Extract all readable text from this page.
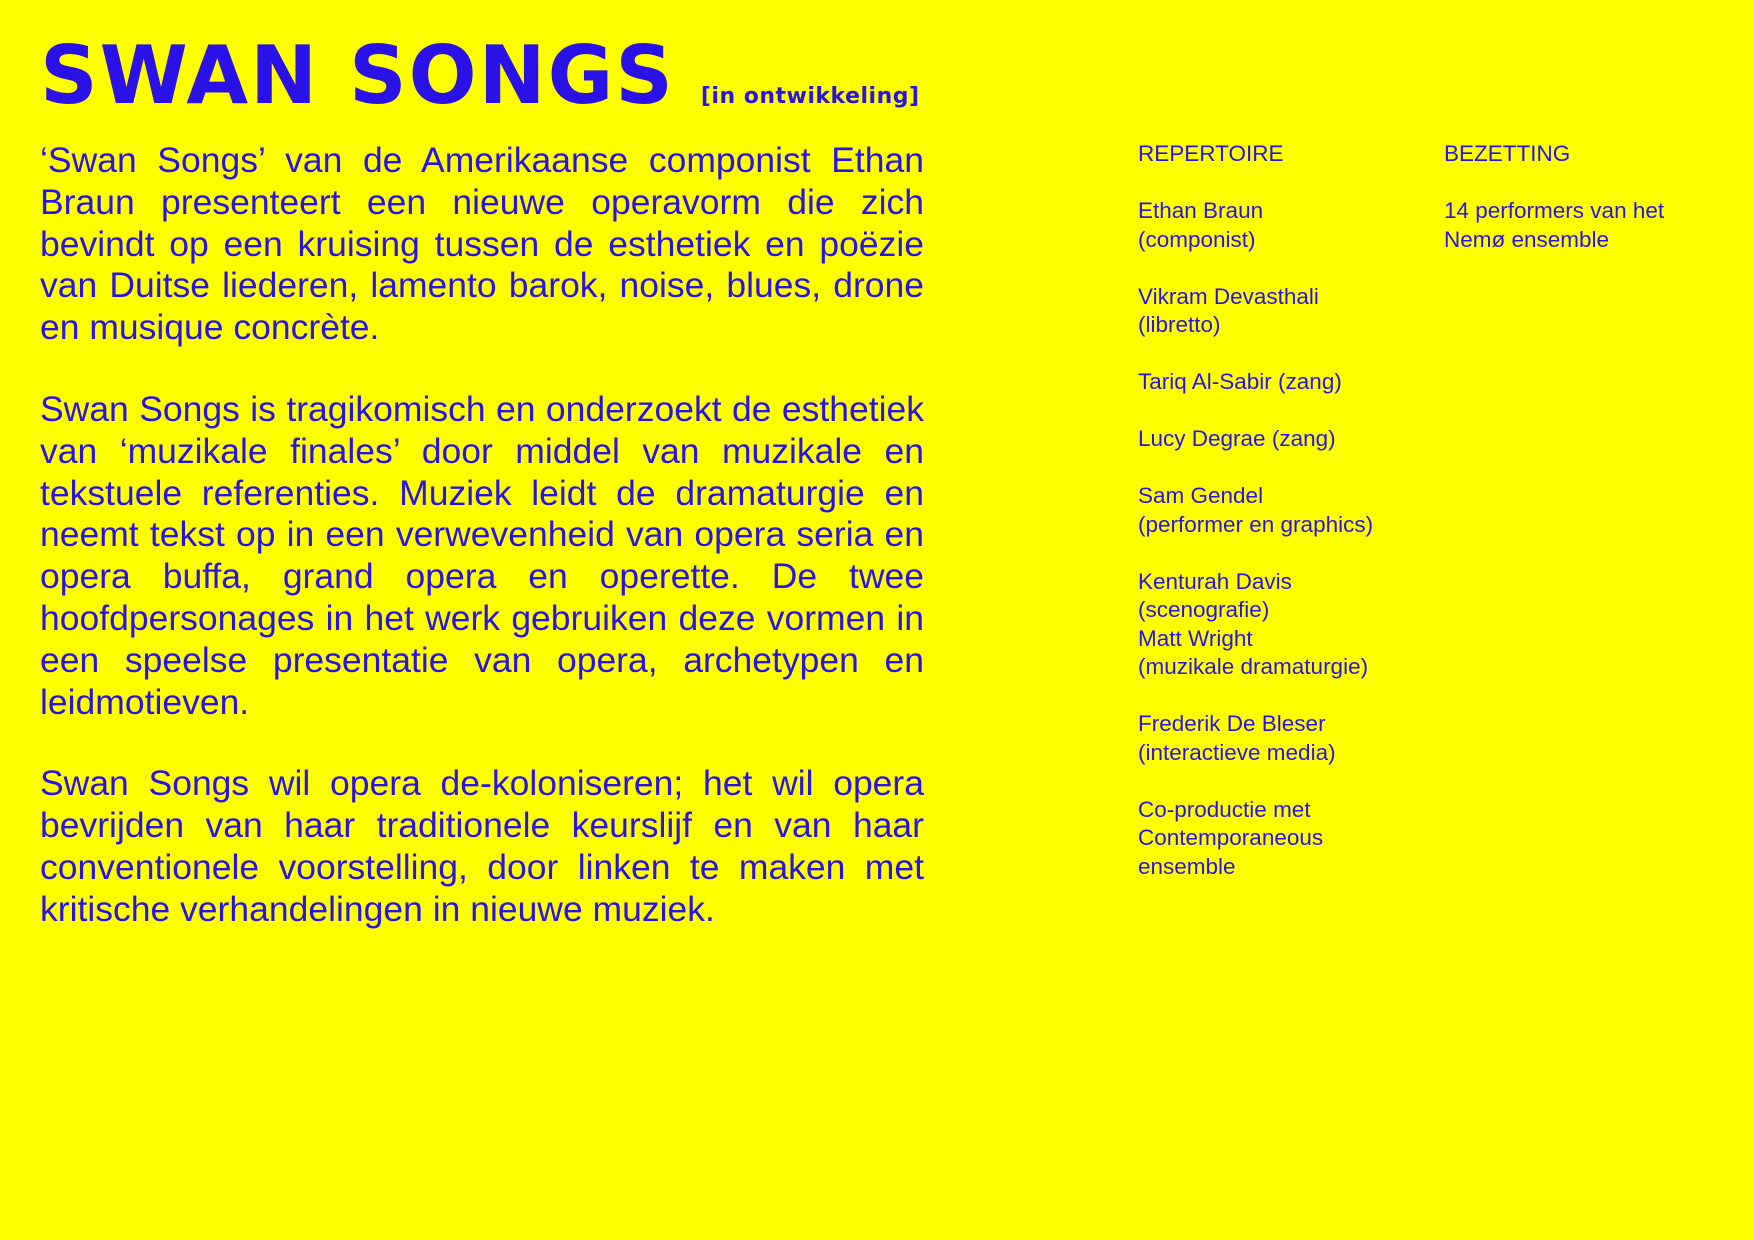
SWAN SONGS [in ontwikkeling]

‘Swan Songs’ van de Amerikaanse componist Ethan Braun presenteert een nieuwe operavorm die zich bevindt op een kruising tussen de esthetiek en poëzie van Duitse liederen, lamento barok, noise, blues, drone en musique concrète.

Swan Songs is tragikomisch en onderzoekt de esthetiek van ‘muzikale finales’ door middel van muzikale en tekstuele referenties. Muziek leidt de dramaturgie en neemt tekst op in een verwevenheid van opera seria en opera buffa, grand opera en operette. De twee hoofdpersonages in het werk gebruiken deze vormen in een speelse presentatie van opera, archetypen en leidmotieven.

Swan Songs wil opera de-koloniseren; het wil opera bevrijden van haar traditionele keurslijf en van haar conventionele voorstelling, door linken te maken met kritische verhandelingen in nieuwe muziek.

REPERTOIRE
Ethan Braun
(componist)
Vikram Devasthali
(libretto)
Tariq Al-Sabir (zang)
Lucy Degrae (zang)
Sam Gendel
(performer en graphics)
Kenturah Davis
(scenografie)
Matt Wright
(muzikale dramaturgie)
Frederik De Bleser
(interactieve media)
Co-productie met
Contemporaneous
ensemble
BEZETTING
14 performers van het
Nemø ensemble
